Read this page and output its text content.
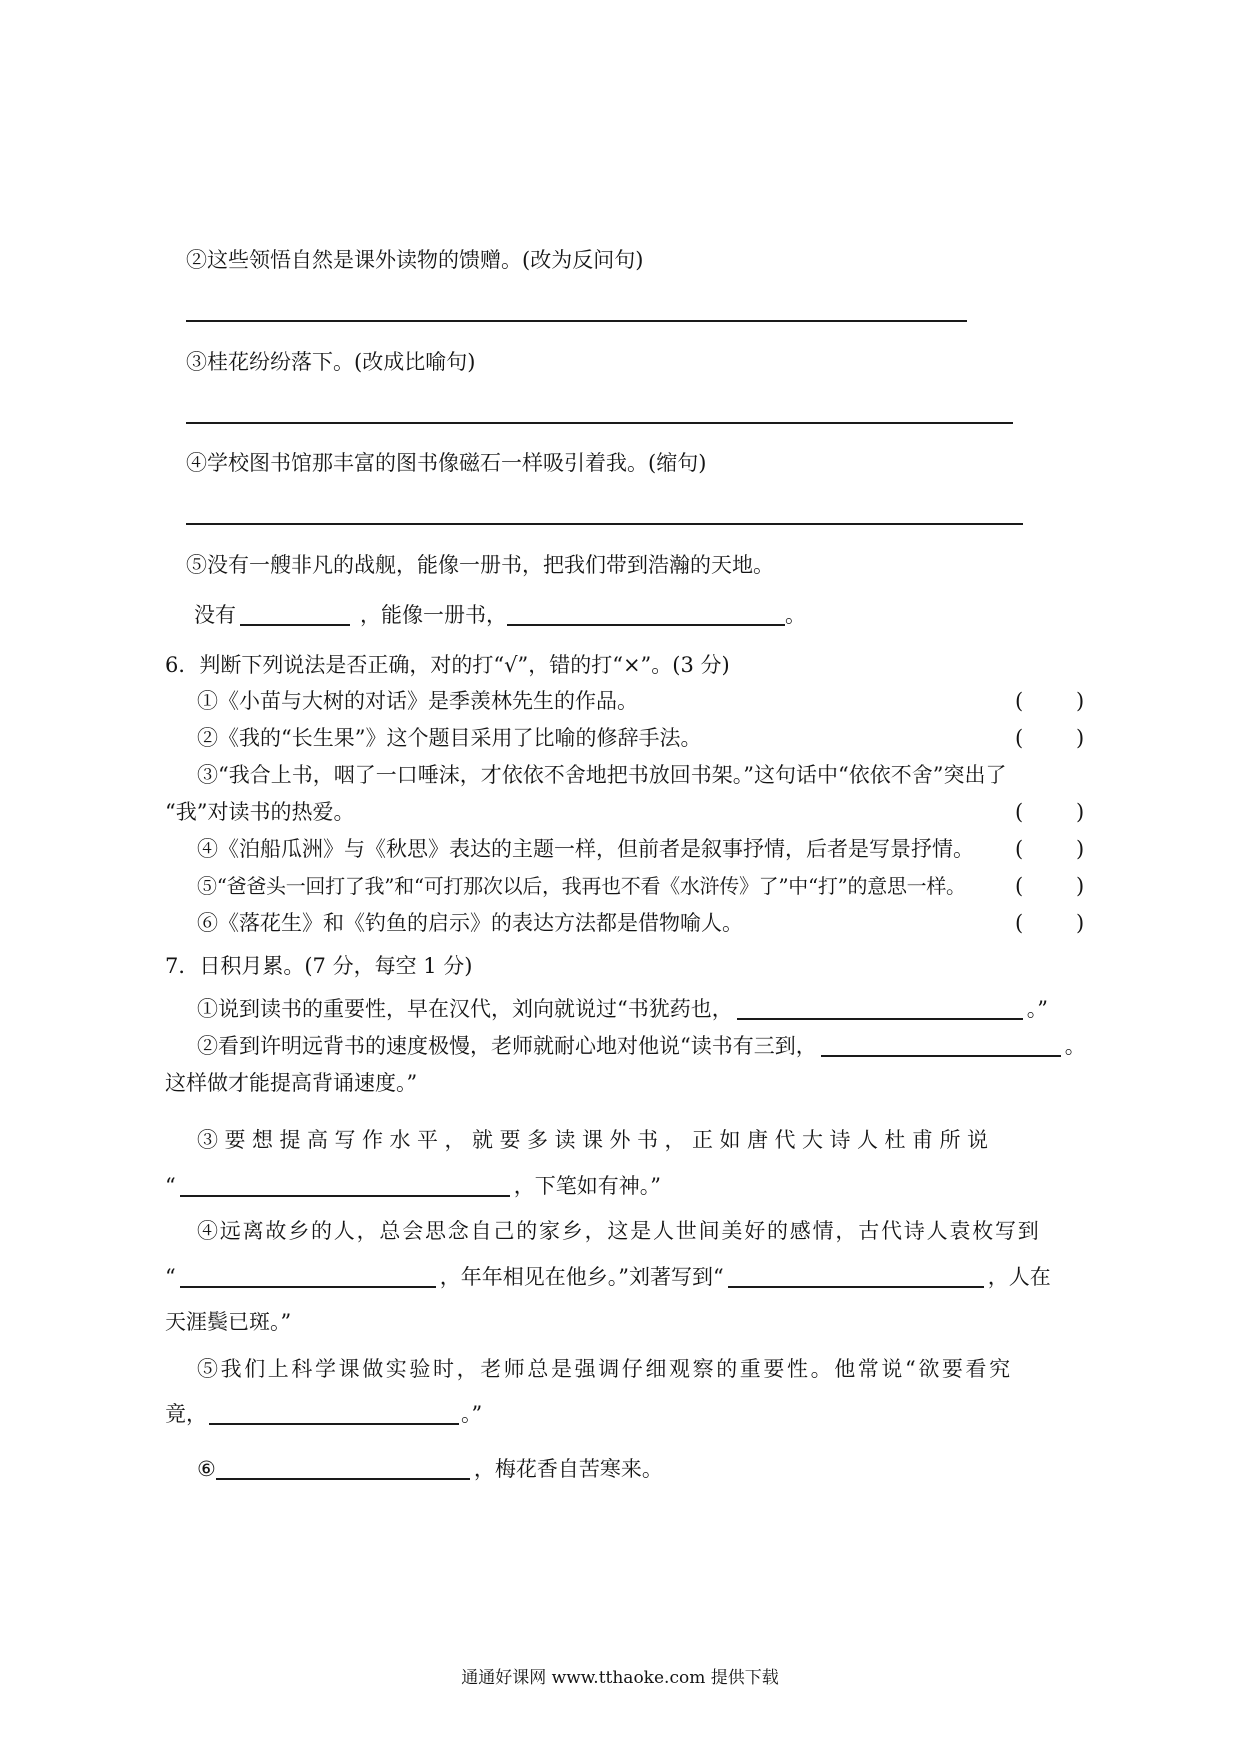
②这些领悟自然是课外读物的馈赠。(改为反问句)
③桂花纷纷落下。(改成比喻句)
④学校图书馆那丰富的图书像磁石一样吸引着我。(缩句)
⑤没有一艘非凡的战舰，能像一册书，把我们带到浩瀚的天地。
没有	，能像一册书，	。
6．判断下列说法是否正确，对的打“√”，错的打“×”。(3 分)
①《小苗与大树的对话》是季羡林先生的作品。	(	)
②《我的“长生果”》这个题目采用了比喻的修辞手法。	(	)
③“我合上书，咽了一口唾沫，才依依不舍地把书放回书架。”这句话中“依依不舍”突出了
“我”对读书的热爱。	(	)
④《泊船瓜洲》与《秋思》表达的主题一样，但前者是叙事抒情，后者是写景抒情。 (	)
⑤“爸爸头一回打了我”和“可打那次以后，我再也不看《水浒传》了”中“打”的意思一样。 (	)
⑥《落花生》和《钓鱼的启示》的表达方法都是借物喻人。	(	)
7．日积月累。(7 分，每空 1 分)
①说到读书的重要性，早在汉代，刘向就说过“书犹药也，	。”
②看到许明远背书的速度极慢，老师就耐心地对他说“读书有三到，	。
这样做才能提高背诵速度。”
③要想提高写作水平，就要多读课外书，正如唐代大诗人杜甫所说
“	，下笔如有神。”
④远离故乡的人，总会思念自己的家乡，这是人世间美好的感情，古代诗人袁枚写到
“	，年年相见在他乡。”刘著写到“	，人在
天涯鬓已斑。”
⑤我们上科学课做实验时，老师总是强调仔细观察的重要性。他常说“欲要看究
竟，	。”
⑥	，梅花香自苦寒来。
通通好课网 www.tthaoke.com 提供下载
